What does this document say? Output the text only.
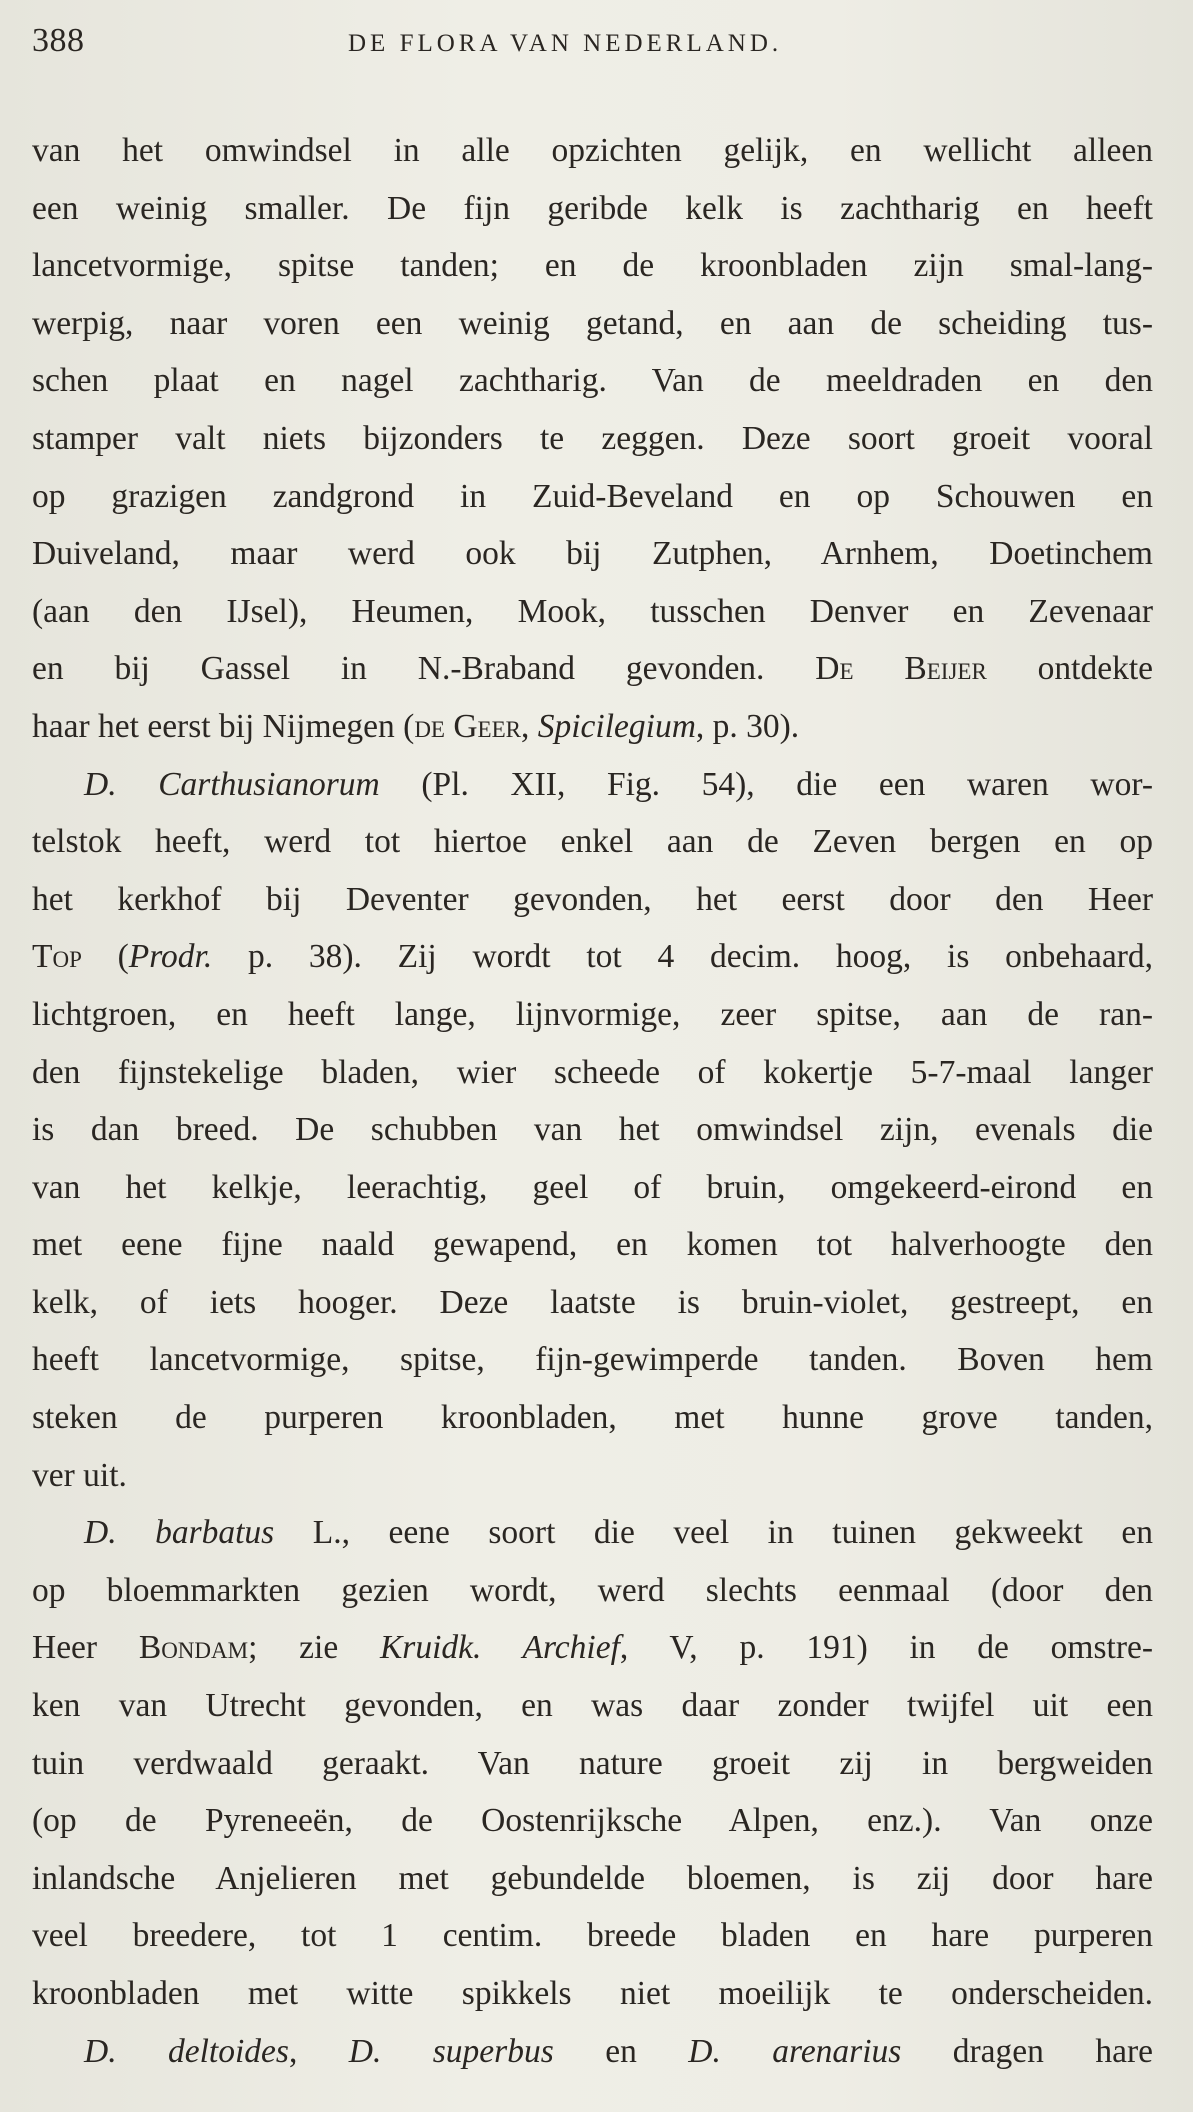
388	DE FLORA VAN NEDERLAND.
van het omwindsel in alle opzichten gelijk, en wellicht alleen
een weinig smaller. De fijn geribde kelk is zachtharig en heeft
lancetvormige, spitse tanden; en de kroonbladen zijn smal-lang-
werpig, naar voren een weinig getand, en aan de scheiding tus-
schen plaat en nagel zachtharig. Van de meeldraden en den
stamper valt niets bijzonders te zeggen. Deze soort groeit vooral
op grazigen zandgrond in Zuid-Beveland en op Schouwen en
Duiveland, maar werd ook bij Zutphen, Arnhem, Doetinchem
(aan den IJsel), Heumen, Mook, tusschen Denver en Zevenaar
en bij Gassel in N.-Braband gevonden. De Beijer ontdekte
haar het eerst bij Nijmegen (de Geer, Spicilegium, p. 30).
D. Carthusianorum (Pl. XII, Fig. 54), die een waren wor-
telstok heeft, werd tot hiertoe enkel aan de Zeven bergen en op
het kerkhof bij Deventer gevonden, het eerst door den Heer
Top (Prodr. p. 38). Zij wordt tot 4 decim. hoog, is onbehaard,
lichtgroen, en heeft lange, lijnvormige, zeer spitse, aan de ran-
den fijnstekelige bladen, wier scheede of kokertje 5-7-maal langer
is dan breed. De schubben van het omwindsel zijn, evenals die
van het kelkje, leerachtig, geel of bruin, omgekeerd-eirond en
met eene fijne naald gewapend, en komen tot halverhoogte den
kelk, of iets hooger. Deze laatste is bruin-violet, gestreept, en
heeft lancetvormige, spitse, fijn-gewimperde tanden. Boven hem
steken de purperen kroonbladen, met hunne grove tanden,
ver uit.
D. barbatus L., eene soort die veel in tuinen gekweekt en
op bloemmarkten gezien wordt, werd slechts eenmaal (door den
Heer Bondam; zie Kruidk. Archief, V, p. 191) in de omstre-
ken van Utrecht gevonden, en was daar zonder twijfel uit een
tuin verdwaald geraakt. Van nature groeit zij in bergweiden
(op de Pyreneeën, de Oostenrijksche Alpen, enz.). Van onze
inlandsche Anjelieren met gebundelde bloemen, is zij door hare
veel breedere, tot 1 centim. breede bladen en hare purperen
kroonbladen met witte spikkels niet moeilijk te onderscheiden.
D. deltoides, D. superbus en D. arenarius dragen hare
